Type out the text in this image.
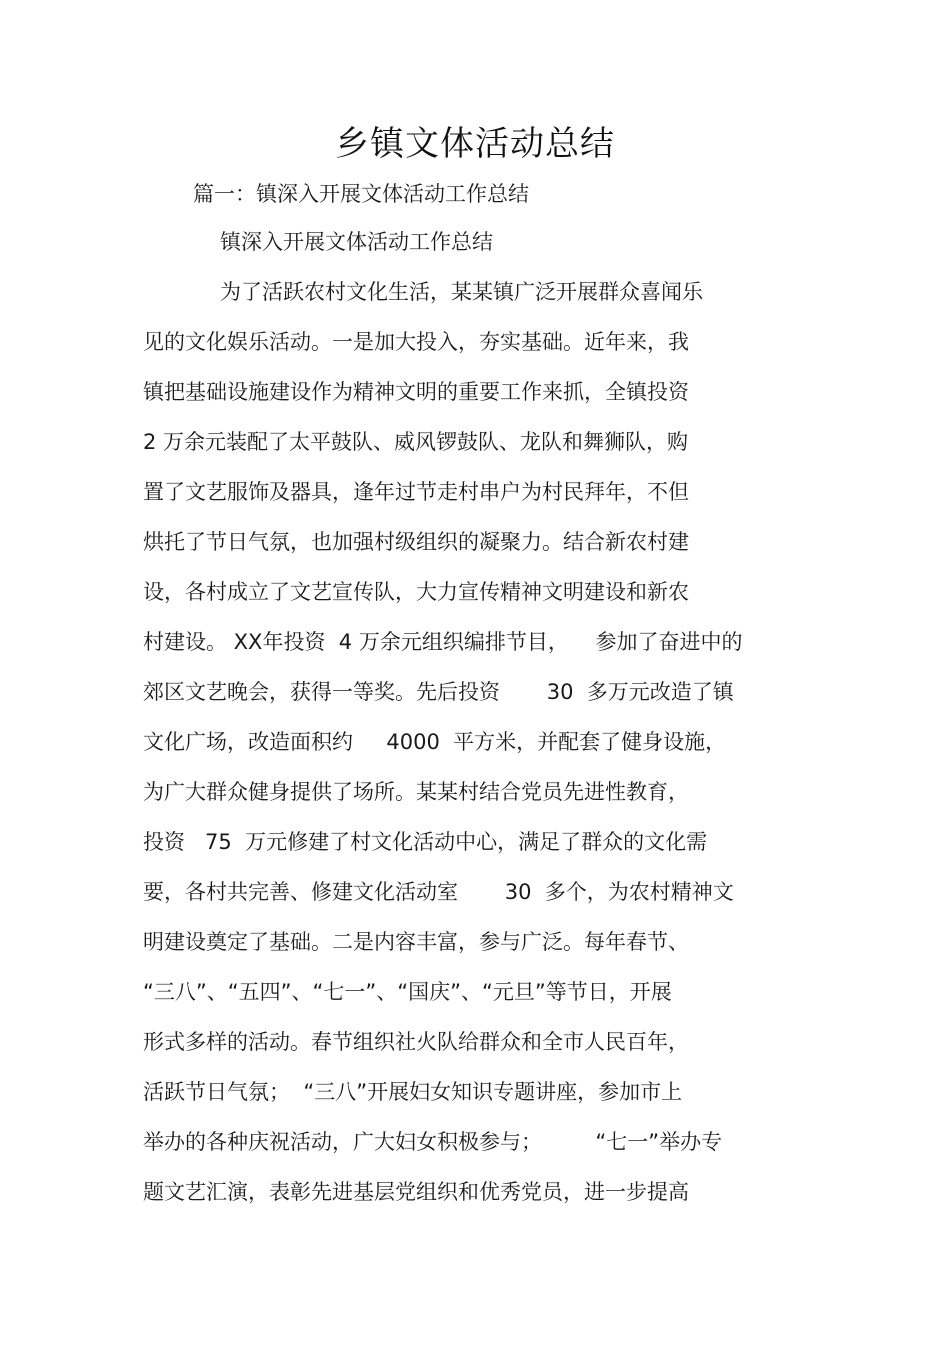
乡镇文体活动总结

篇一：镇深入开展文体活动工作总结

镇深入开展文体活动工作总结

为了活跃农村文化生活，某某镇广泛开展群众喜闻乐
见的文化娱乐活动。一是加大投入，夯实基础。近年来，我
镇把基础设施建设作为精神文明的重要工作来抓，全镇投资
2 万余元装配了太平鼓队、威风锣鼓队、龙队和舞狮队，购
置了文艺服饰及器具，逢年过节走村串户为村民拜年，不但
烘托了节日气氛，也加强村级组织的凝聚力。结合新农村建
设，各村成立了文艺宣传队，大力宣传精神文明建设和新农
村建设。 XX年投资  4 万余元组织编排节目，    参加了奋进中的
郊区文艺晚会，获得一等奖。先后投资       30  多万元改造了镇
文化广场，改造面积约     4000  平方米，并配套了健身设施，
为广大群众健身提供了场所。某某村结合党员先进性教育，
投资   75  万元修建了村文化活动中心，满足了群众的文化需
要，各村共完善、修建文化活动室       30  多个，为农村精神文
明建设奠定了基础。二是内容丰富，参与广泛。每年春节、
“三八”、“五四”、“七一”、“国庆”、“元旦”等节日，开展
形式多样的活动。春节组织社火队给群众和全市人民百年，
活跃节日气氛；  “三八”开展妇女知识专题讲座，参加市上
举办的各种庆祝活动，广大妇女积极参与；        “七一”举办专
题文艺汇演，表彰先进基层党组织和优秀党员，进一步提高
